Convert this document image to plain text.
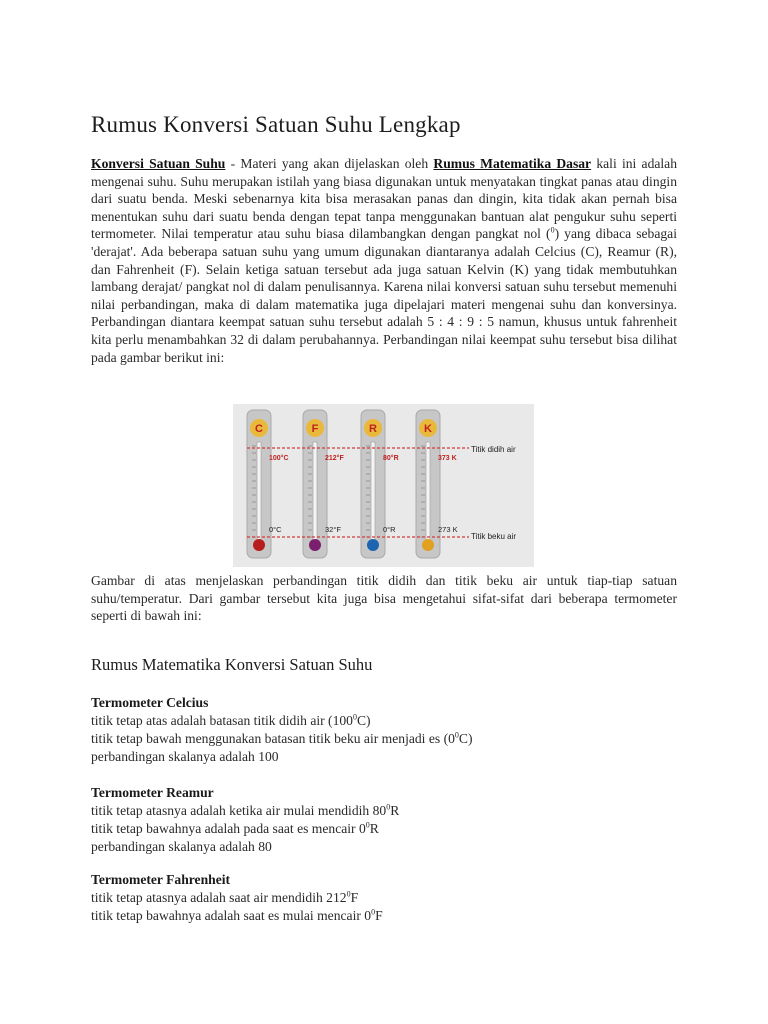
Rumus Konversi Satuan Suhu Lengkap

Konversi Satuan Suhu - Materi yang akan dijelaskan oleh Rumus Matematika Dasar kali ini adalah mengenai suhu. Suhu merupakan istilah yang biasa digunakan untuk menyatakan tingkat panas atau dingin dari suatu benda. Meski sebenarnya kita bisa merasakan panas dan dingin, kita tidak akan pernah bisa menentukan suhu dari suatu benda dengan tepat tanpa menggunakan bantuan alat pengukur suhu seperti termometer. Nilai temperatur atau suhu biasa dilambangkan dengan pangkat nol ($^0$) yang dibaca sebagai 'derajat'. Ada beberapa satuan suhu yang umum digunakan diantaranya adalah Celcius (C), Reamur (R), dan Fahrenheit (F). Selain ketiga satuan tersebut ada juga satuan Kelvin (K) yang tidak membutuhkan lambang derajat/ pangkat nol di dalam penulisannya. Karena nilai konversi satuan suhu tersebut memenuhi nilai perbandingan, maka di dalam matematika juga dipelajari materi mengenai suhu dan konversinya. Perbandingan diantara keempat satuan suhu tersebut adalah 5 : 4 : 9 : 5 namun, khusus untuk fahrenheit kita perlu menambahkan 32 di dalam perubahannya. Perbandingan nilai keempat suhu tersebut bisa dilihat pada gambar berikut ini:

C
100°C
0°C
F
212°F
32°F
R
80°R
0°R
K
373 K
273 K
Titik didih air
Titik beku air

Gambar di atas menjelaskan perbandingan titik didih dan titik beku air untuk tiap-tiap satuan suhu/temperatur. Dari gambar tersebut kita juga bisa mengetahui sifat-sifat dari beberapa termometer seperti di bawah ini:

Rumus Matematika Konversi Satuan Suhu
Termometer Celcius
titik tetap atas adalah batasan titik didih air $(100^0C)$
titik tetap bawah menggunakan batasan titik beku air menjadi es $(0^0C)$
perbandingan skalanya adalah 100
Termometer Reamur
titik tetap atasnya adalah ketika air mulai mendidih $80^0R$
titik tetap bawahnya adalah pada saat es mencair $0^0R$
perbandingan skalanya adalah 80
Termometer Fahrenheit
titik tetap atasnya adalah saat air mendidih $212^0F$
titik tetap bawahnya adalah saat es mulai mencair $0^0F$
